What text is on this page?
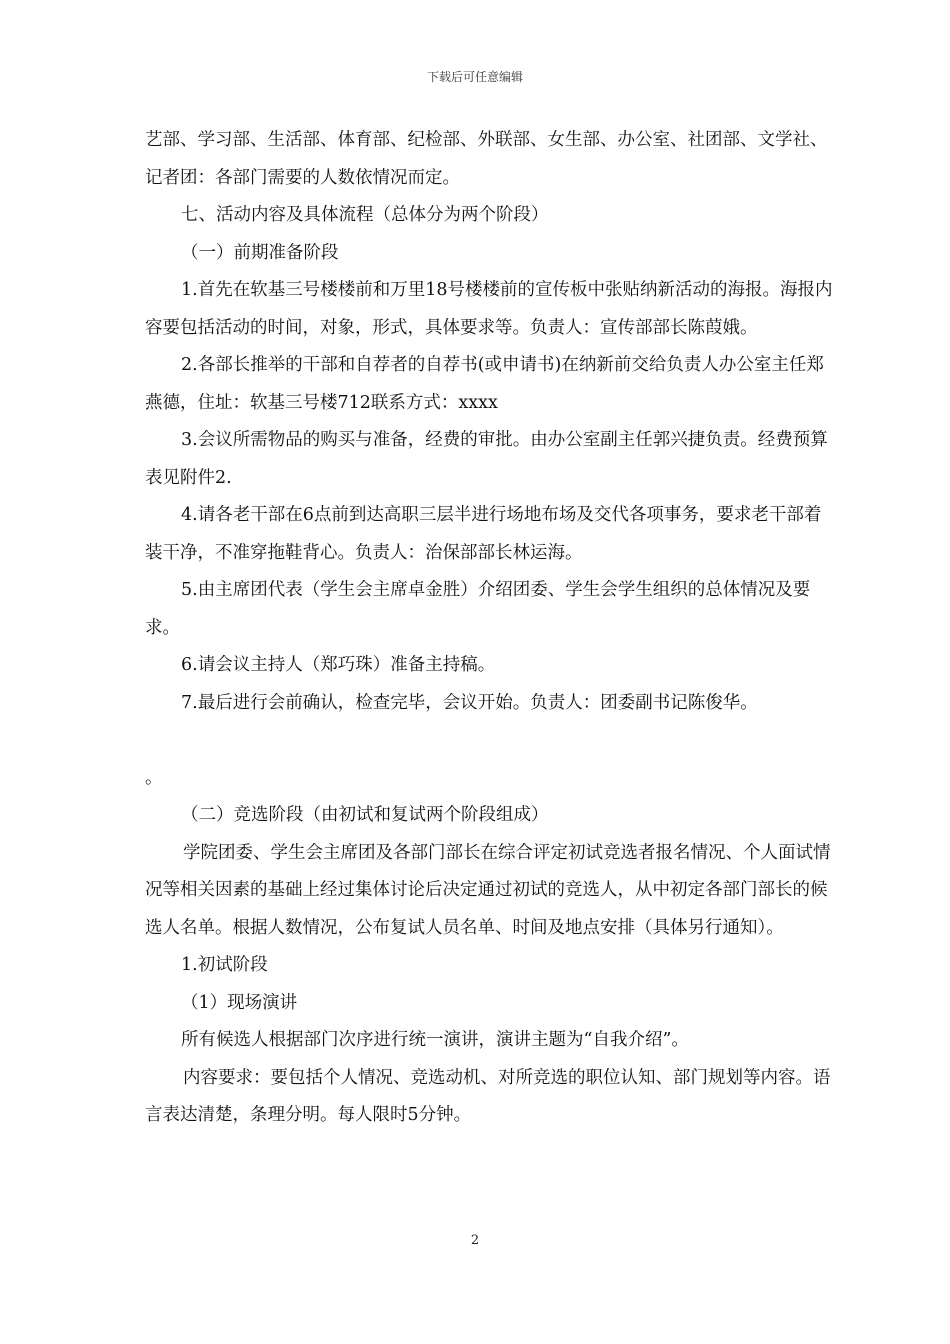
下载后可任意编辑

艺部、学习部、生活部、体育部、纪检部、外联部、女生部、办公室、社团部、文学社、记者团：各部门需要的人数依情况而定。

七、活动内容及具体流程（总体分为两个阶段）

（一）前期准备阶段

1.首先在软基三号楼楼前和万里18号楼楼前的宣传板中张贴纳新活动的海报。海报内容要包括活动的时间，对象，形式，具体要求等。负责人：宣传部部长陈葭娥。

2.各部长推举的干部和自荐者的自荐书(或申请书)在纳新前交给负责人办公室主任郑燕德，住址：软基三号楼712联系方式：xxxx

3.会议所需物品的购买与准备，经费的审批。由办公室副主任郭兴捷负责。经费预算表见附件2.

4.请各老干部在6点前到达高职三层半进行场地布场及交代各项事务，要求老干部着装干净，不准穿拖鞋背心。负责人：治保部部长林运海。

5.由主席团代表（学生会主席卓金胜）介绍团委、学生会学生组织的总体情况及要求。

6.请会议主持人（郑巧珠）准备主持稿。

7.最后进行会前确认，检查完毕，会议开始。负责人：团委副书记陈俊华。

。

（二）竞选阶段（由初试和复试两个阶段组成）

学院团委、学生会主席团及各部门部长在综合评定初试竞选者报名情况、个人面试情况等相关因素的基础上经过集体讨论后决定通过初试的竞选人，从中初定各部门部长的候选人名单。根据人数情况，公布复试人员名单、时间及地点安排（具体另行通知）。

1.初试阶段

（1）现场演讲

所有候选人根据部门次序进行统一演讲，演讲主题为“自我介绍”。

内容要求：要包括个人情况、竞选动机、对所竞选的职位认知、部门规划等内容。语言表达清楚，条理分明。每人限时5分钟。

2
